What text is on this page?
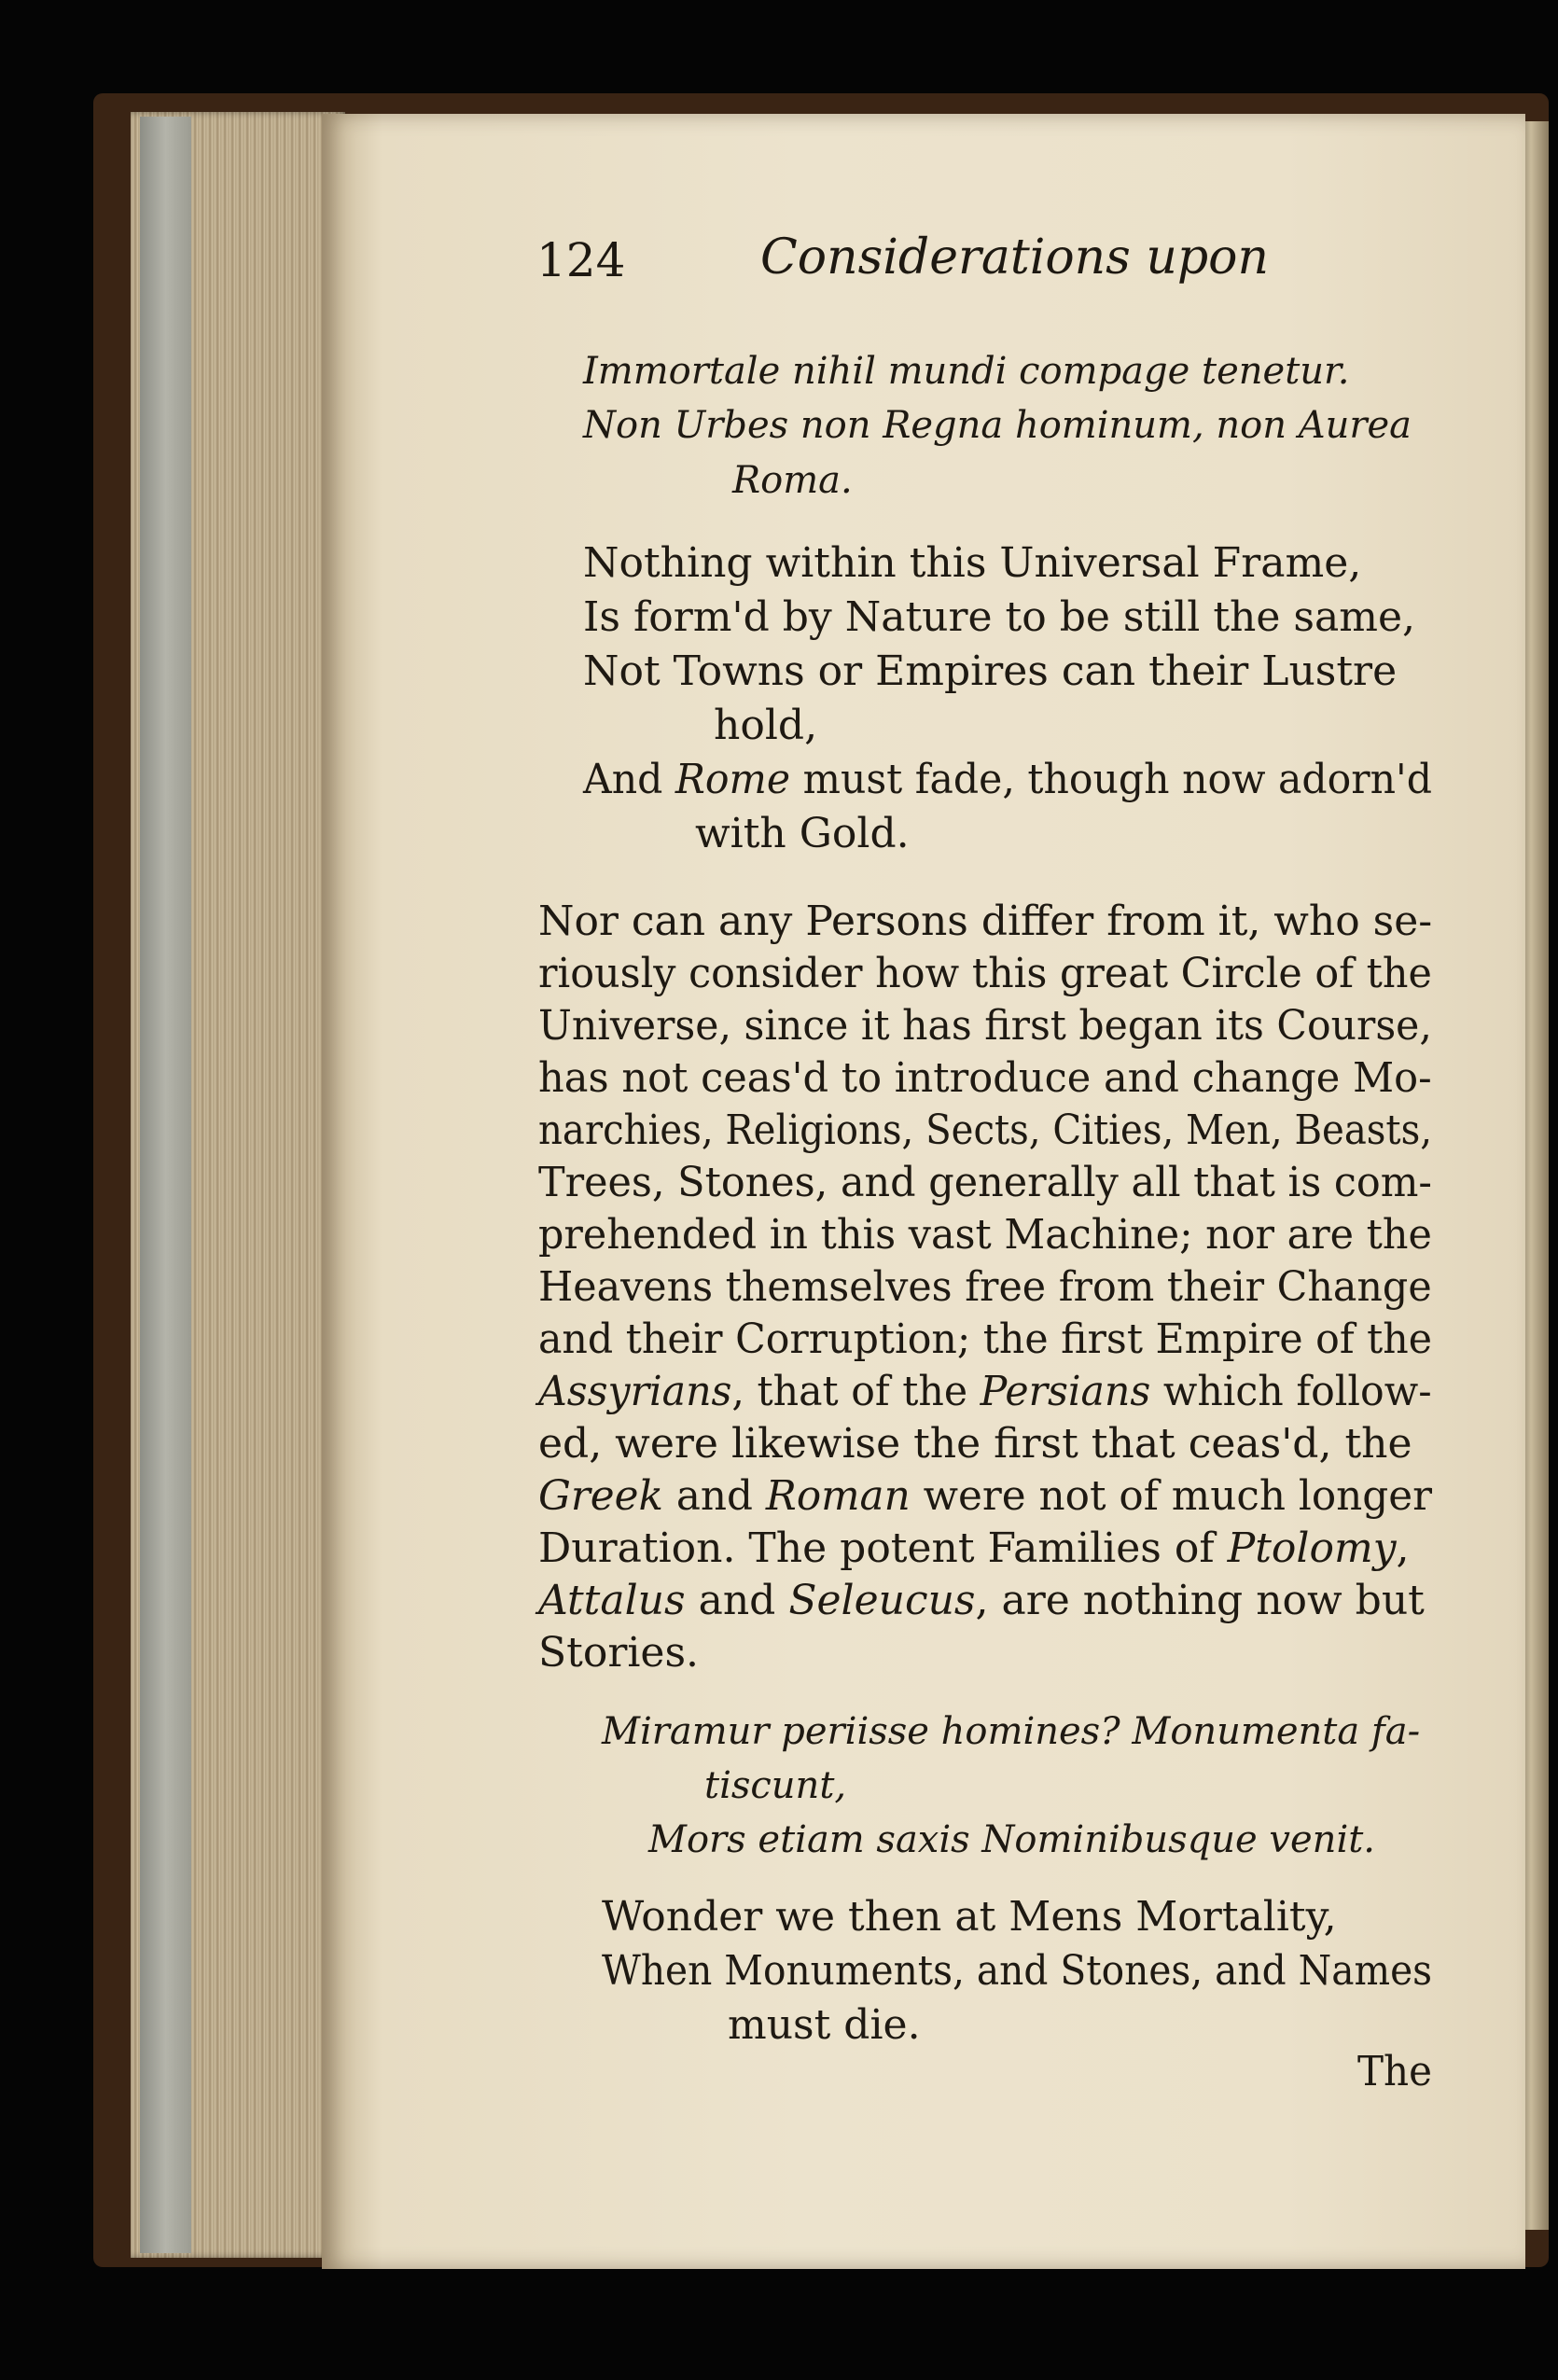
124	Considerations upon
Immortale nihil mundi compage tenetur.
Non Urbes non Regna hominum, non Aurea
Roma.
Nothing within this Universal Frame,
Is form'd by Nature to be still the same,
Not Towns or Empires can their Lustre
hold,
And Rome must fade, though now adorn'd
with Gold.
Nor can any Persons differ from it, who se-
riously consider how this great Circle of the
Universe, since it has first began its Course,
has not ceas'd to introduce and change Mo-
narchies, Religions, Sects, Cities, Men, Beasts,
Trees, Stones, and generally all that is com-
prehended in this vast Machine; nor are the
Heavens themselves free from their Change
and their Corruption; the first Empire of the
Assyrians, that of the Persians which follow-
ed, were likewise the first that ceas'd, the
Greek and Roman were not of much longer
Duration. The potent Families of Ptolomy,
Attalus and Seleucus, are nothing now but
Stories.
Miramur periisse homines? Monumenta fa-
tiscunt,
Mors etiam saxis Nominibusque venit.
Wonder we then at Mens Mortality,
When Monuments, and Stones, and Names
must die.
The
